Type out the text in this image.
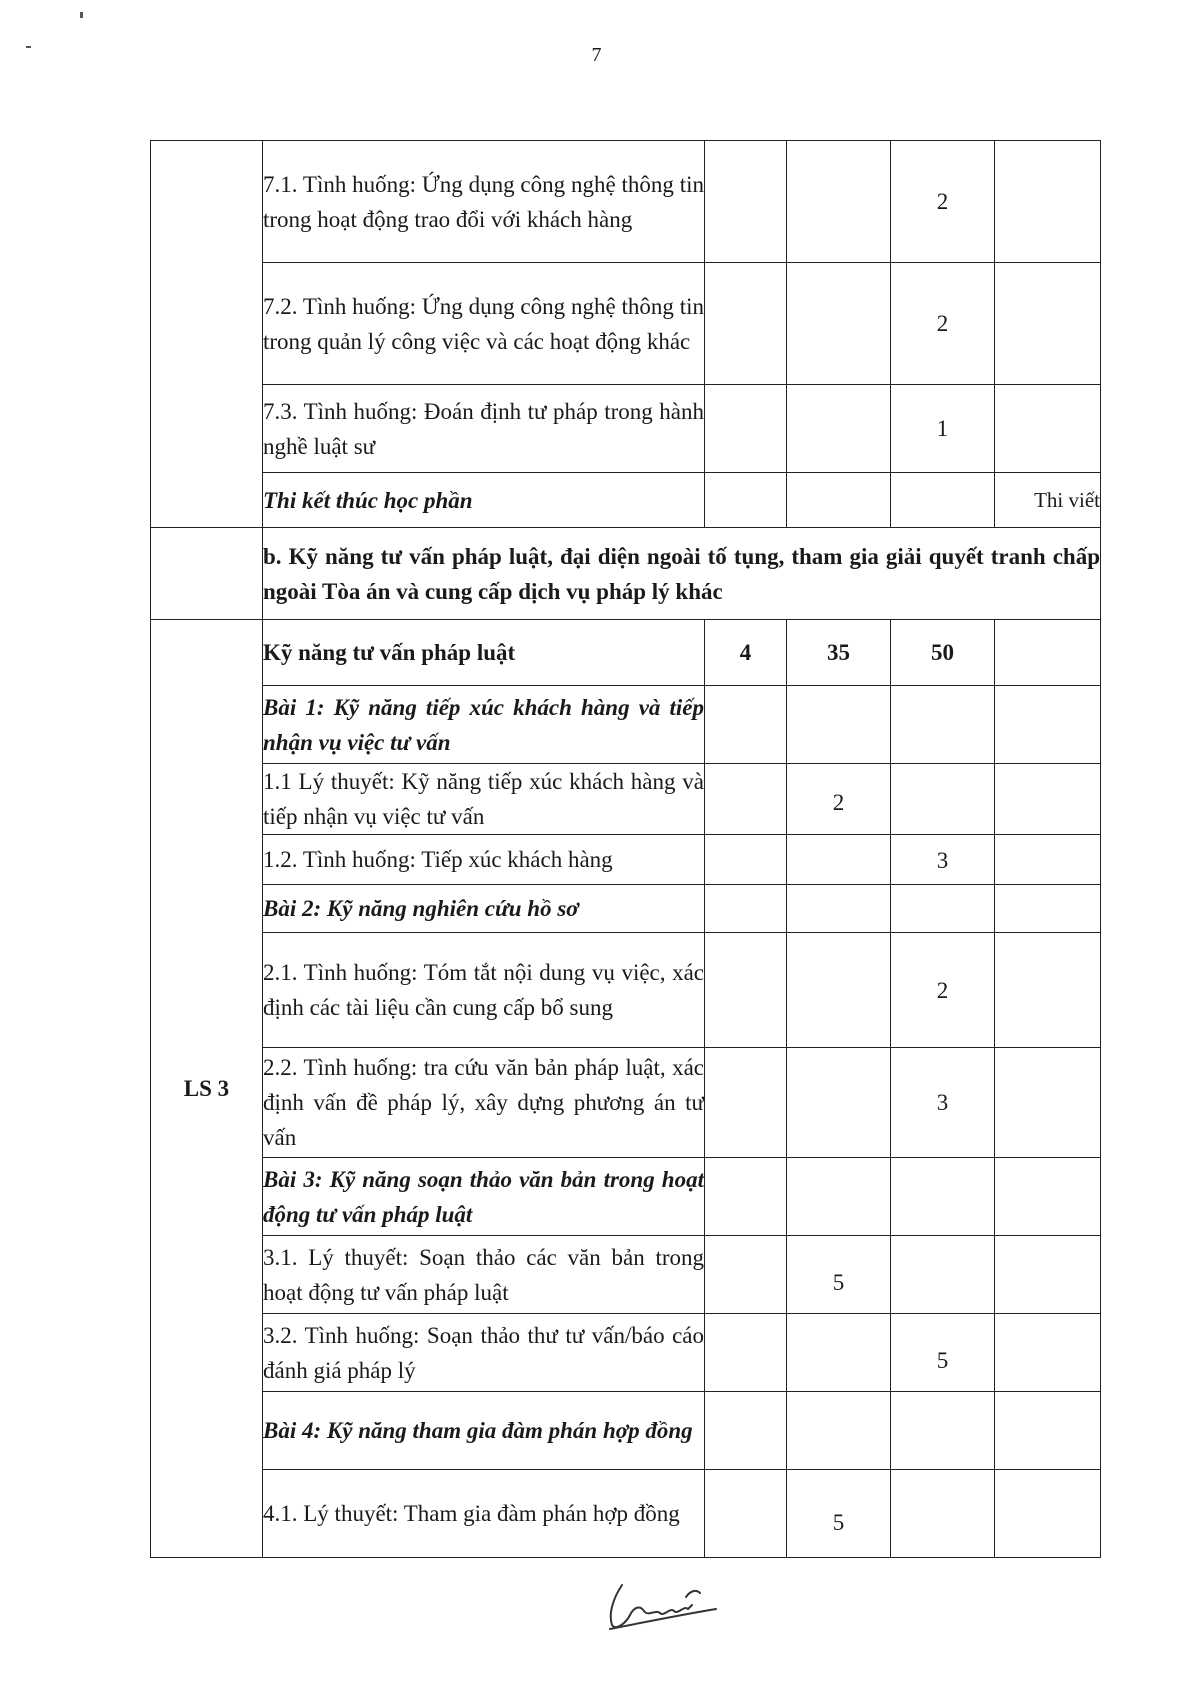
7
	7.1. Tình huống: Ứng dụng công nghệ thông tin trong hoạt động trao đổi với khách hàng			2	
	7.2. Tình huống: Ứng dụng công nghệ thông tin trong quản lý công việc và các hoạt động khác			2	
	7.3. Tình huống: Đoán định tư pháp trong hành nghề luật sư			1	
	Thi kết thúc học phần				Thi viết
	b. Kỹ năng tư vấn pháp luật, đại diện ngoài tố tụng, tham gia giải quyết tranh chấp ngoài Tòa án và cung cấp dịch vụ pháp lý khác				
LS 3	Kỹ năng tư vấn pháp luật	4	35	50	
	Bài 1: Kỹ năng tiếp xúc khách hàng và tiếp nhận vụ việc tư vấn				
	1.1 Lý thuyết: Kỹ năng tiếp xúc khách hàng và tiếp nhận vụ việc tư vấn		2		
	1.2. Tình huống: Tiếp xúc khách hàng			3	
	Bài 2: Kỹ năng nghiên cứu hồ sơ				
	2.1. Tình huống: Tóm tắt nội dung vụ việc, xác định các tài liệu cần cung cấp bổ sung			2	
	2.2. Tình huống: tra cứu văn bản pháp luật, xác định vấn đề pháp lý, xây dựng phương án tư vấn			3	
	Bài 3: Kỹ năng soạn thảo văn bản trong hoạt động tư vấn pháp luật				
	3.1. Lý thuyết: Soạn thảo các văn bản trong hoạt động tư vấn pháp luật		5		
	3.2. Tình huống: Soạn thảo thư tư vấn/báo cáo đánh giá pháp lý			5	
	Bài 4: Kỹ năng tham gia đàm phán hợp đồng				
	4.1. Lý thuyết: Tham gia đàm phán hợp đồng		5		
